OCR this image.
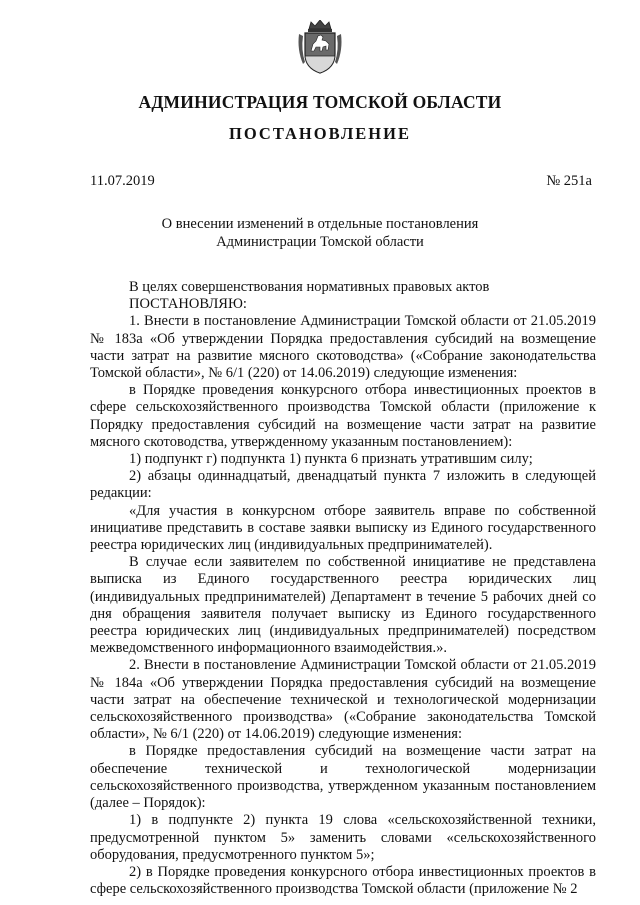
АДМИНИСТРАЦИЯ ТОМСКОЙ ОБЛАСТИ
ПОСТАНОВЛЕНИЕ
11.07.2019	№ 251а
О внесении изменений в отдельные постановления
Администрации Томской области

В целях совершенствования нормативных правовых актов

ПОСТАНОВЛЯЮ:

1. Внести в постановление Администрации Томской области от 21.05.2019 № 183а «Об утверждении Порядка предоставления субсидий на возмещение части затрат на развитие мясного скотоводства» («Собрание законодательства Томской области», № 6/1 (220) от 14.06.2019) следующие изменения:

в Порядке проведения конкурсного отбора инвестиционных проектов в сфере сельскохозяйственного производства Томской области (приложение к Порядку предоставления субсидий на возмещение части затрат на развитие мясного скотоводства, утвержденному указанным постановлением):

1) подпункт г) подпункта 1) пункта 6 признать утратившим силу;

2) абзацы одиннадцатый, двенадцатый пункта 7 изложить в следующей редакции:

«Для участия в конкурсном отборе заявитель вправе по собственной инициативе представить в составе заявки выписку из Единого государственного реестра юридических лиц (индивидуальных предпринимателей).

В случае если заявителем по собственной инициативе не представлена выписка из Единого государственного реестра юридических лиц (индивидуальных предпринимателей) Департамент в течение 5 рабочих дней со дня обращения заявителя получает выписку из Единого государственного реестра юридических лиц (индивидуальных предпринимателей) посредством межведомственного информационного взаимодействия.».

2. Внести в постановление Администрации Томской области от 21.05.2019 № 184а «Об утверждении Порядка предоставления субсидий на возмещение части затрат на обеспечение технической и технологической модернизации сельскохозяйственного производства» («Собрание законодательства Томской области», № 6/1 (220) от 14.06.2019) следующие изменения:

в Порядке предоставления субсидий на возмещение части затрат на обеспечение технической и технологической модернизации сельскохозяйственного производства, утвержденном указанным постановлением (далее – Порядок):

1) в подпункте 2) пункта 19 слова «сельскохозяйственной техники, предусмотренной пунктом 5» заменить словами «сельскохозяйственного оборудования, предусмотренного пунктом 5»;

2) в Порядке проведения конкурсного отбора инвестиционных проектов в сфере сельскохозяйственного производства Томской области (приложение № 2
